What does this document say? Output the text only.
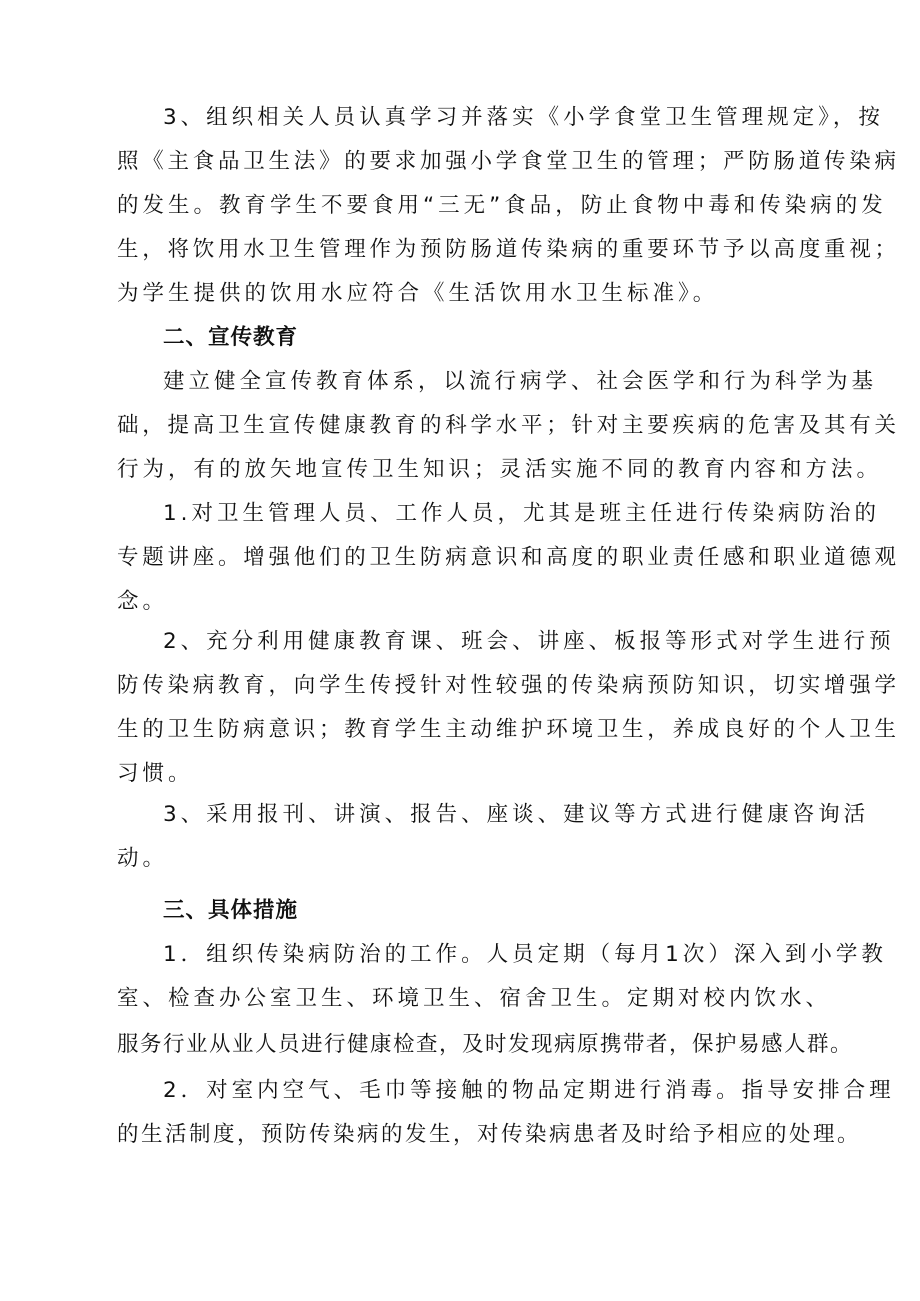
3、组织相关人员认真学习并落实《小学食堂卫生管理规定》，按
照《主食品卫生法》的要求加强小学食堂卫生的管理；严防肠道传染病
的发生。教育学生不要食用“三无”食品，防止食物中毒和传染病的发
生，将饮用水卫生管理作为预防肠道传染病的重要环节予以高度重视；
为学生提供的饮用水应符合《生活饮用水卫生标准》。
二、宣传教育
建立健全宣传教育体系，以流行病学、社会医学和行为科学为基
础，提高卫生宣传健康教育的科学水平；针对主要疾病的危害及其有关
行为，有的放矢地宣传卫生知识；灵活实施不同的教育内容和方法。
1.对卫生管理人员、工作人员，尤其是班主任进行传染病防治的
专题讲座。增强他们的卫生防病意识和高度的职业责任感和职业道德观
念。
2、充分利用健康教育课、班会、讲座、板报等形式对学生进行预
防传染病教育，向学生传授针对性较强的传染病预防知识，切实增强学
生的卫生防病意识；教育学生主动维护环境卫生，养成良好的个人卫生
习惯。
3、采用报刊、讲演、报告、座谈、建议等方式进行健康咨询活
动。
三、具体措施
1．组织传染病防治的工作。人员定期（每月1次）深入到小学教
室、检查办公室卫生、环境卫生、宿舍卫生。定期对校内饮水、
服务行业从业人员进行健康检查，及时发现病原携带者，保护易感人群。
2．对室内空气、毛巾等接触的物品定期进行消毒。指导安排合理
的生活制度，预防传染病的发生，对传染病患者及时给予相应的处理。
